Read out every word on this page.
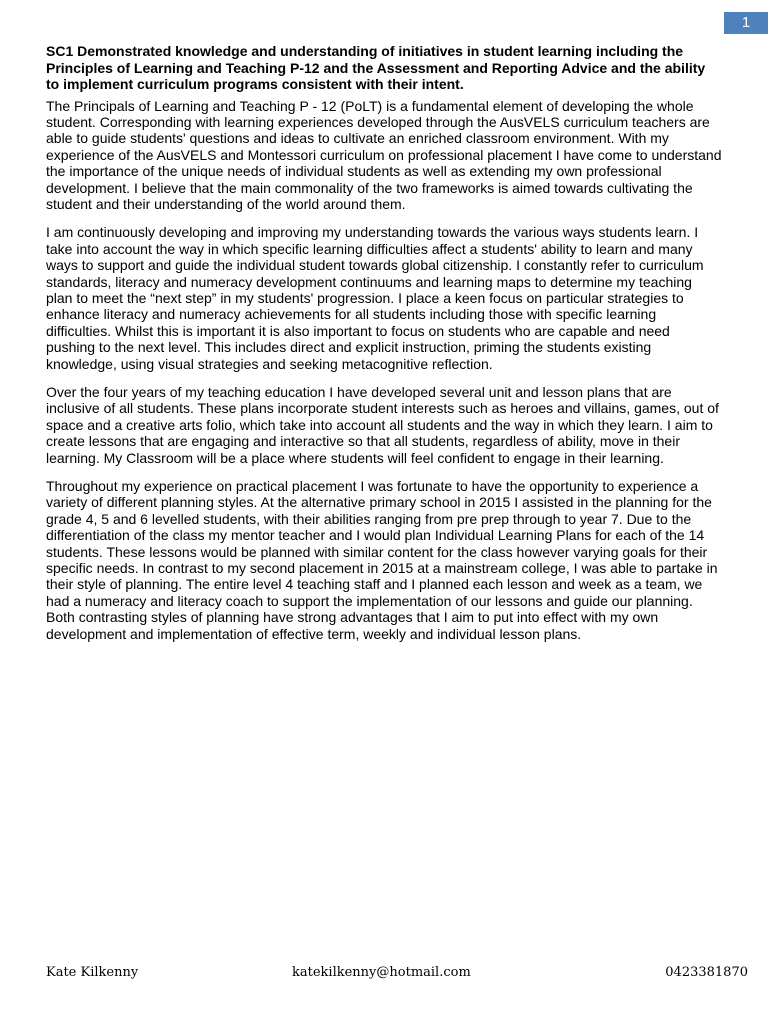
1

SC1 Demonstrated knowledge and understanding of initiatives in student learning including the Principles of Learning and Teaching P-12 and the Assessment and Reporting Advice and the ability to implement curriculum programs consistent with their intent.

The Principals of Learning and Teaching P - 12 (PoLT) is a fundamental element of developing the whole student. Corresponding with learning experiences developed through the AusVELS curriculum teachers are able to guide students' questions and ideas to cultivate an enriched classroom environment. With my experience of the AusVELS and Montessori curriculum on professional placement I have come to understand the importance of the unique needs of individual students as well as extending my own professional development. I believe that the main commonality of the two frameworks is aimed towards cultivating the student and their understanding of the world around them.

I am continuously developing and improving my understanding towards the various ways students learn. I take into account the way in which specific learning difficulties affect a students' ability to learn and many ways to support and guide the individual student towards global citizenship. I constantly refer to curriculum standards, literacy and numeracy development continuums and learning maps to determine my teaching plan to meet the “next step” in my students' progression. I place a keen focus on particular strategies to enhance literacy and numeracy achievements for all students including those with specific learning difficulties. Whilst this is important it is also important to focus on students who are capable and need pushing to the next level. This includes direct and explicit instruction, priming the students existing knowledge, using visual strategies and seeking metacognitive reflection.

Over the four years of my teaching education I have developed several unit and lesson plans that are inclusive of all students. These plans incorporate student interests such as heroes and villains, games, out of space and a creative arts folio, which take into account all students and the way in which they learn. I aim to create lessons that are engaging and interactive so that all students, regardless of ability, move in their learning. My Classroom will be a place where students will feel confident to engage in their learning.

Throughout my experience on practical placement I was fortunate to have the opportunity to experience a variety of different planning styles. At the alternative primary school in 2015 I assisted in the planning for the grade 4, 5 and 6 levelled students, with their abilities ranging from pre prep through to year 7. Due to the differentiation of the class my mentor teacher and I would plan Individual Learning Plans for each of the 14 students. These lessons would be planned with similar content for the class however varying goals for their specific needs. In contrast to my second placement in 2015 at a mainstream college, I was able to partake in their style of planning. The entire level 4 teaching staff and I planned each lesson and week as a team, we had a numeracy and literacy coach to support the implementation of our lessons and guide our planning. Both contrasting styles of planning have strong advantages that I aim to put into effect with my own development and implementation of effective term, weekly and individual lesson plans.

Kate Kilkenny	katekilkenny@hotmail.com	0423381870
